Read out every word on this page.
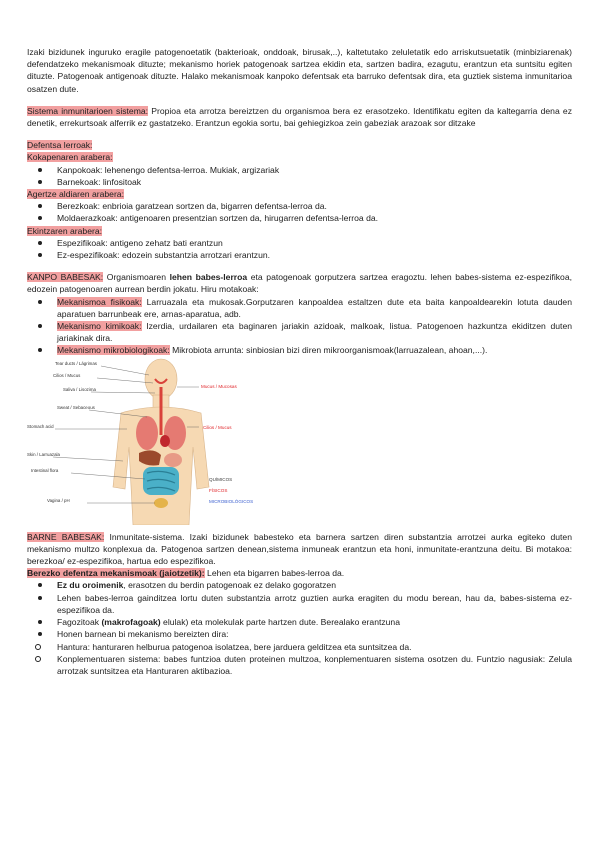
Izaki bizidunek inguruko eragile patogenoetatik (bakterioak, onddoak, birusak,..), kaltetutako zeluletatik edo arriskutsuetatik (minbiziarenak) defendatzeko mekanismoak dituzte; mekanismo horiek patogenoak sartzea ekidin eta, sartzen badira, ezagutu, erantzun eta suntsitu egiten dituzte. Patogenoak antigenoak dituzte. Halako mekanismoak kanpoko defentsak eta barruko defentsak dira, eta guztiek sistema inmunitarioa osatzen dute.

Sistema inmunitarioen sistema: Propioa eta arrotza bereiztzen du organismoa bera ez erasotzeko. Identifikatu egiten da kaltegarria dena ez denetik, errekurtsoak alferrik ez gastatzeko. Erantzun egokia sortu, bai gehiegizkoa zein gabeziak arazoak sor ditzake

Defentsa lerroak:
Kokapenaren arabera:
Kanpokoak: lehenengo defentsa-lerroa. Mukiak, argizariak
Barnekoak: linfositoak
Agertze aldiaren arabera:
Berezkoak: enbrioia garatzean sortzen da, bigarren defentsa-lerroa da.
Moldaerazkoak: antigenoaren presentzian sortzen da, hirugarren defentsa-lerroa da.
Ekintzaren arabera:
Espezifikoak: antigeno zehatz bati erantzun
Ez-espezifikoak: edozein substantzia arrotzari erantzun.

KANPO BABESAK: Organismoaren lehen babes-lerroa eta patogenoak gorputzera sartzea eragoztu. lehen babes-sistema ez-espezifikoa, edozein patogenoaren aurrean berdin jokatu. Hiru motakoak:

Mekanismoa fisikoak: Larruazala eta mukosak.Gorputzaren kanpoaldea estaltzen dute eta baita kanpoaldearekin lotuta dauden aparatuen barrunbeak ere, arnas-aparatua, adb.
Mekanismo kimikoak: Izerdia, urdailaren eta baginaren jariakin azidoak, malkoak, listua. Patogenoen hazkuntza ekiditzen duten jariakinak dira.
Mekanismo mikrobiologikoak: Mikrobiota arrunta: sinbiosian bizi diren mikroorganismoak(larruazalean, ahoan,...).
Tear ducts / Lágrimas
Cilios / Mucus
Saliva / Lisozima
Sweat / Sebaceous
Stomach acid
Skin / Larruazala
Intestinal flora
Vagina / pH
Mucus / Mucosas
Cilios / Mucus
QUÍMICOS
FÍSICOS
MICROBIOLÓGICOS

BARNE BABESAK: Inmunitate-sistema. Izaki bizidunek babesteko eta barnera sartzen diren substantzia arrotzei aurka egiteko duten mekanismo multzo konplexua da. Patogenoa sartzen denean,sistema inmuneak erantzun eta honi, inmunitate-erantzuna deitu. Bi motakoa: berezkoa/ ez-espezifikoa, hartua edo espezifikoa.

Berezko defentza mekanismoak (jaiotzetik): Lehen eta bigarren babes-lerroa da.

Ez du oroimenik, erasotzen du berdin patogenoak ez delako gogoratzen
Lehen babes-lerroa gainditzea lortu duten substantzia arrotz guztien aurka eragiten du modu berean, hau da, babes-sistema ez-espezifikoa da.
Fagozitoak (makrofagoak) elulak) eta molekulak parte hartzen dute. Berealako erantzuna
Honen barnean bi mekanismo bereizten dira:
Hantura: hanturaren helburua patogenoa isolatzea, bere jarduera gelditzea eta suntsitzea da.
Konplementuaren sistema: babes funtzioa duten proteinen multzoa, konplementuaren sistema osotzen du. Funtzio nagusiak: Zelula arrotzak suntsitzea eta Hanturaren aktibazioa.
